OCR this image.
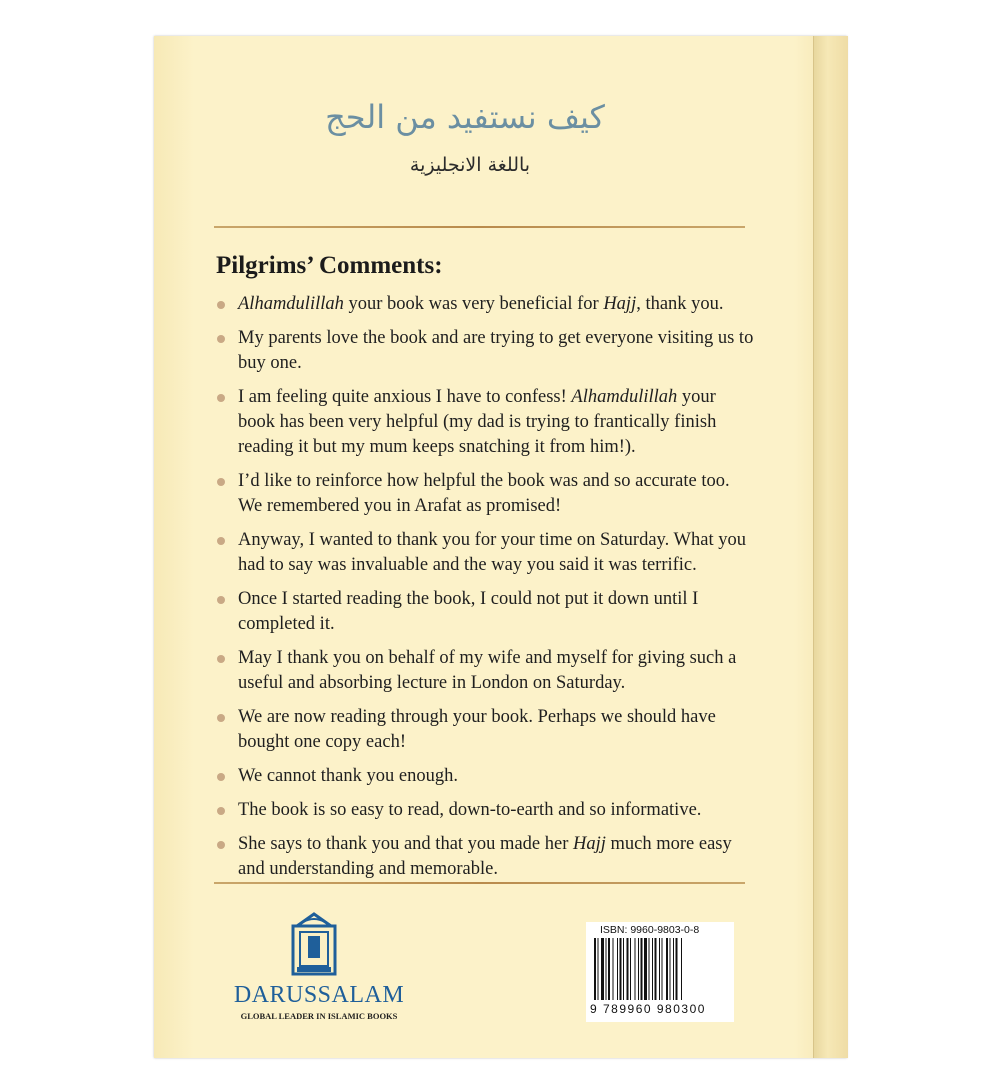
كيف نستفيد من الحج
باللغة الانجليزية
Pilgrims’ Comments:
Alhamdulillah your book was very beneficial for Hajj, thank you.
My parents love the book and are trying to get everyone visiting us to buy one.
I am feeling quite anxious I have to confess! Alhamdulillah your book has been very helpful (my dad is trying to frantically finish reading it but my mum keeps snatching it from him!).
I’d like to reinforce how helpful the book was and so accurate too. We remembered you in Arafat as promised!
Anyway, I wanted to thank you for your time on Saturday. What you had to say was invaluable and the way you said it was terrific.
Once I started reading the book, I could not put it down until I completed it.
May I thank you on behalf of my wife and myself for giving such a useful and absorbing lecture in London on Saturday.
We are now reading through your book. Perhaps we should have bought one copy each!
We cannot thank you enough.
The book is so easy to read, down-to-earth and so informative.
She says to thank you and that you made her Hajj much more easy and understanding and memorable.
DARUSSALAM
GLOBAL LEADER IN ISLAMIC BOOKS
ISBN: 9960-9803-0-8
9 789960 980300
